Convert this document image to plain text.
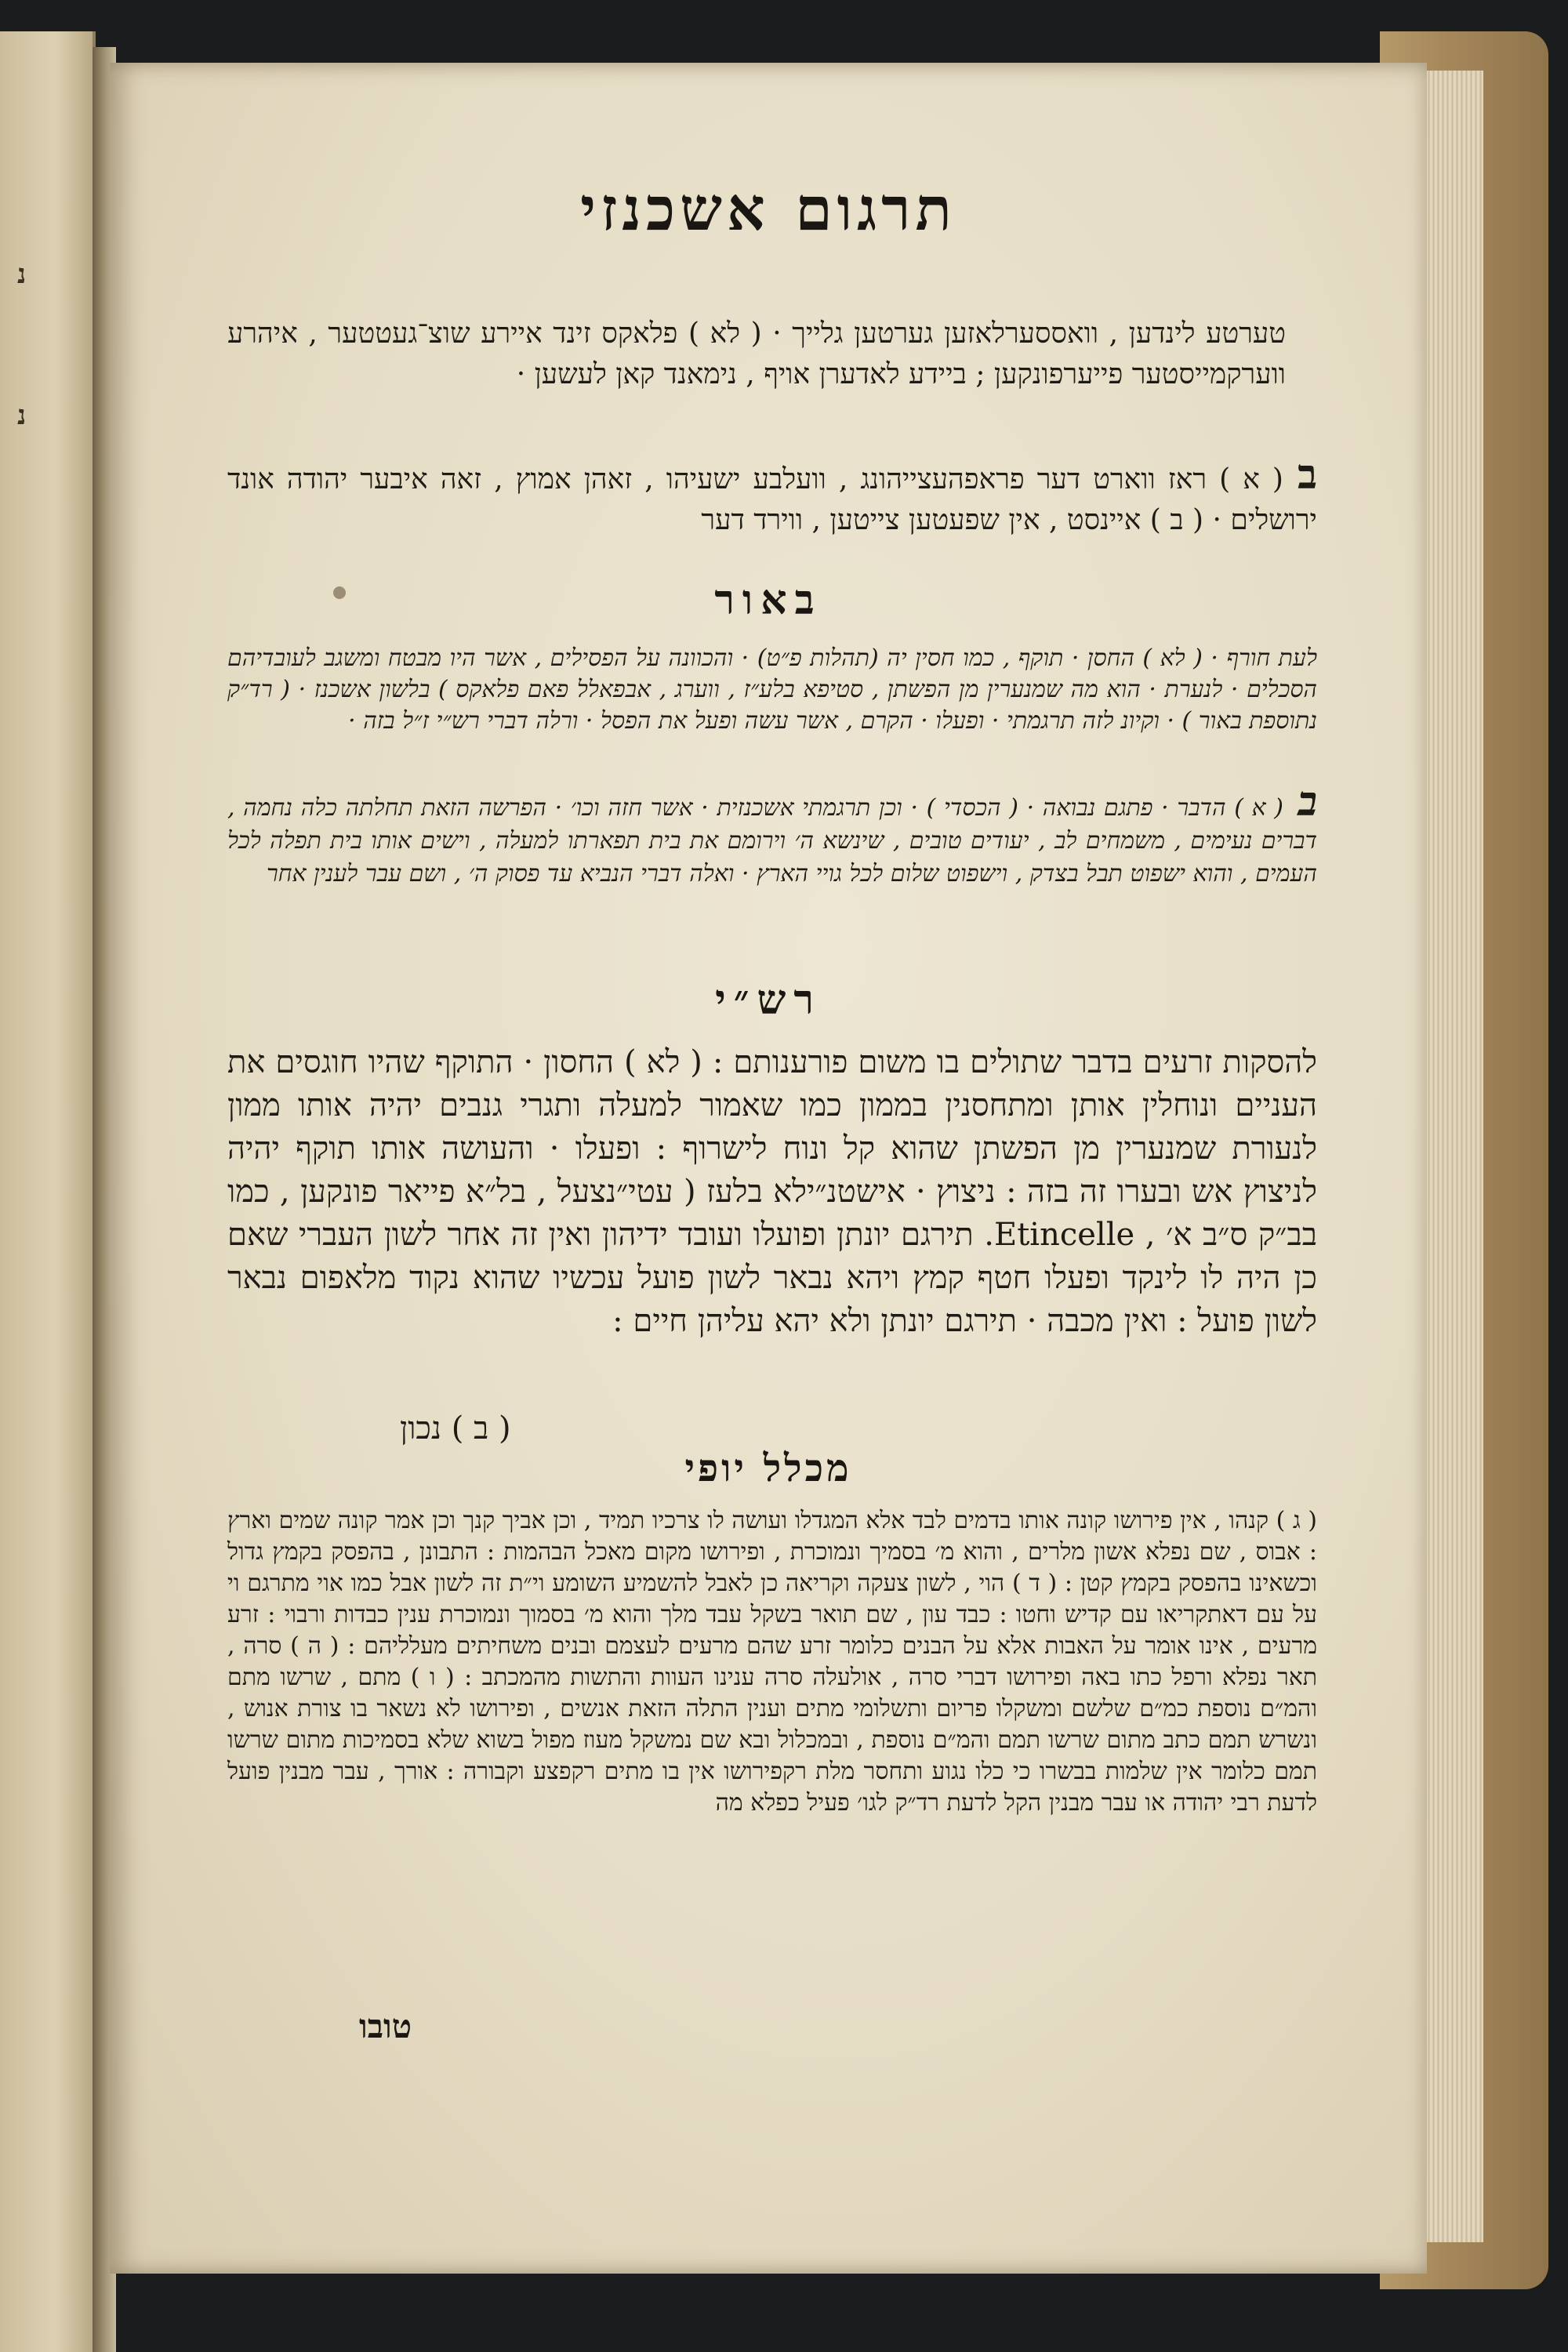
נ
נ
תרגום אשכנזי
טערטע לינדען , וואססערלאזען גערטען גלייך · ( לא ) פלאקס זינד איירע שוצ־געטטער , איהרע ווערקמייסטער פייערפונקען ; ביידע לאדערן אויף , נימאנד קאן לעשען ·
ב( א ) ראז ווארט דער פראפהעצייהונג , וועלבע ישעיהו , זאהן אמוץ , זאה איבער יהודה אונד ירושלים · ( ב ) איינסט , אין שפעטען צייטען , ווירד דער
באור
לעת חורף · ( לא ) החסן · תוקף , כמו חסין יה (תהלות פ״ט) · והכוונה על הפסילים , אשר היו מבטח ומשגב לעובדיהם הסכלים · לנערת · הוא מה שמנערין מן הפשתן , סטיפא בלע״ז , ווערג , אבפאלל פאם פלאקס ) בלשון אשכנז · ( רד״ק נתוספת באור ) · וקיונ לזה תרגמתי · ופעלו · הקרם , אשר עשה ופעל את הפסל · ורלה דברי רש״י ז״ל בזה ·
ב( א ) הדבר · פתגם נבואה · ( הכסדי ) · וכן תרגמתי אשכנזית · אשר חזה וכו׳ · הפרשה הזאת תחלתה כלה נחמה , דברים נעימים , משמחים לב , יעודים טובים , שינשא ה׳ וירומם את בית תפארתו למעלה , וישים אותו בית תפלה לכל העמים , והוא ישפוט תבל בצדק , וישפוט שלום לכל גויי הארץ · ואלה דברי הנביא עד פסוק ה׳ , ושם עבר לענין אחר
רש״י
להסקות זרעים בדבר שתולים בו משום פורענותם : ( לא ) החסון · התוקף שהיו חוגסים את העניים ונוחלין אותן ומתחסנין בממון כמו שאמור למעלה ותגרי גנבים יהיה אותו ממון לנעורת שמנערין מן הפשתן שהוא קל ונוח לישרוף : ופעלו · והעושה אותו תוקף יהיה לניצוץ אש ובערו זה בזה : ניצוץ · אישטנ״ילא בלעז ( עטי״נצעל , בל״א פייאר פונקען , כמו בב״ק ס״ב א׳ , Etincelle. תירגם יונתן ופועלו ועובד ידיהון ואין זה אחר לשון העברי שאם כן היה לו לינקד ופעלו חטף קמץ ויהא נבאר לשון פועל עכשיו שהוא נקוד מלאפום נבאר לשון פועל : ואין מכבה · תירגם יונתן ולא יהא עליהן חיים :
( ב ) נכון
מכלל יופי
( ג ) קנהו , אין פירושו קונה אותו בדמים לבד אלא המגדלו ועושה לו צרכיו תמיד , וכן אביך קנך וכן אמר קונה שמים וארץ : אבוס , שם נפלא אשון מלרים , והוא מ׳ בסמיך ונמוכרת , ופירושו מקום מאכל הבהמות : התבונן , בהפסק בקמץ גדול וכשאינו בהפסק בקמץ קטן : ( ד ) הוי , לשון צעקה וקריאה כן לאבל להשמיע השומע וי״ת זה לשון אבל כמו אוי מתרגם וי על עם דאתקריאו עם קדיש וחטו : כבד עון , שם תואר בשקל עבד מלך והוא מ׳ בסמוך ונמוכרת ענין כבדות ורבוי : זרע מרעים , אינו אומר על האבות אלא על הבנים כלומר זרע שהם מרעים לעצמם ובנים משחיתים מעלליהם : ( ה ) סרה , תאר נפלא ורפל כתו באה ופירושו דברי סרה , אולעלה סרה ענינו העוות והתשות מהמכתב : ( ו ) מתם , שרשו מתם והמ״ם נוספת כמ״ם שלשם ומשקלו פריום ותשלומי מתים וענין התלה הזאת אנשים , ופירושו לא נשאר בו צורת אנוש , ונשרש תמם כתב מתום שרשו תמם והמ״ם נוספת , ובמכלול ובא שם נמשקל מעוז מפול בשוא שלא בסמיכות מתום שרשו תמם כלומר אין שלמות בבשרו כי כלו נגוע ותחסר מלת רקפירושו אין בו מתים רקפצע וקבורה : אורך , עבר מבנין פועל לדעת רבי יהודה או עבר מבנין הקל לדעת רד״ק לגו׳ פעיל כפלא מה
טובו
